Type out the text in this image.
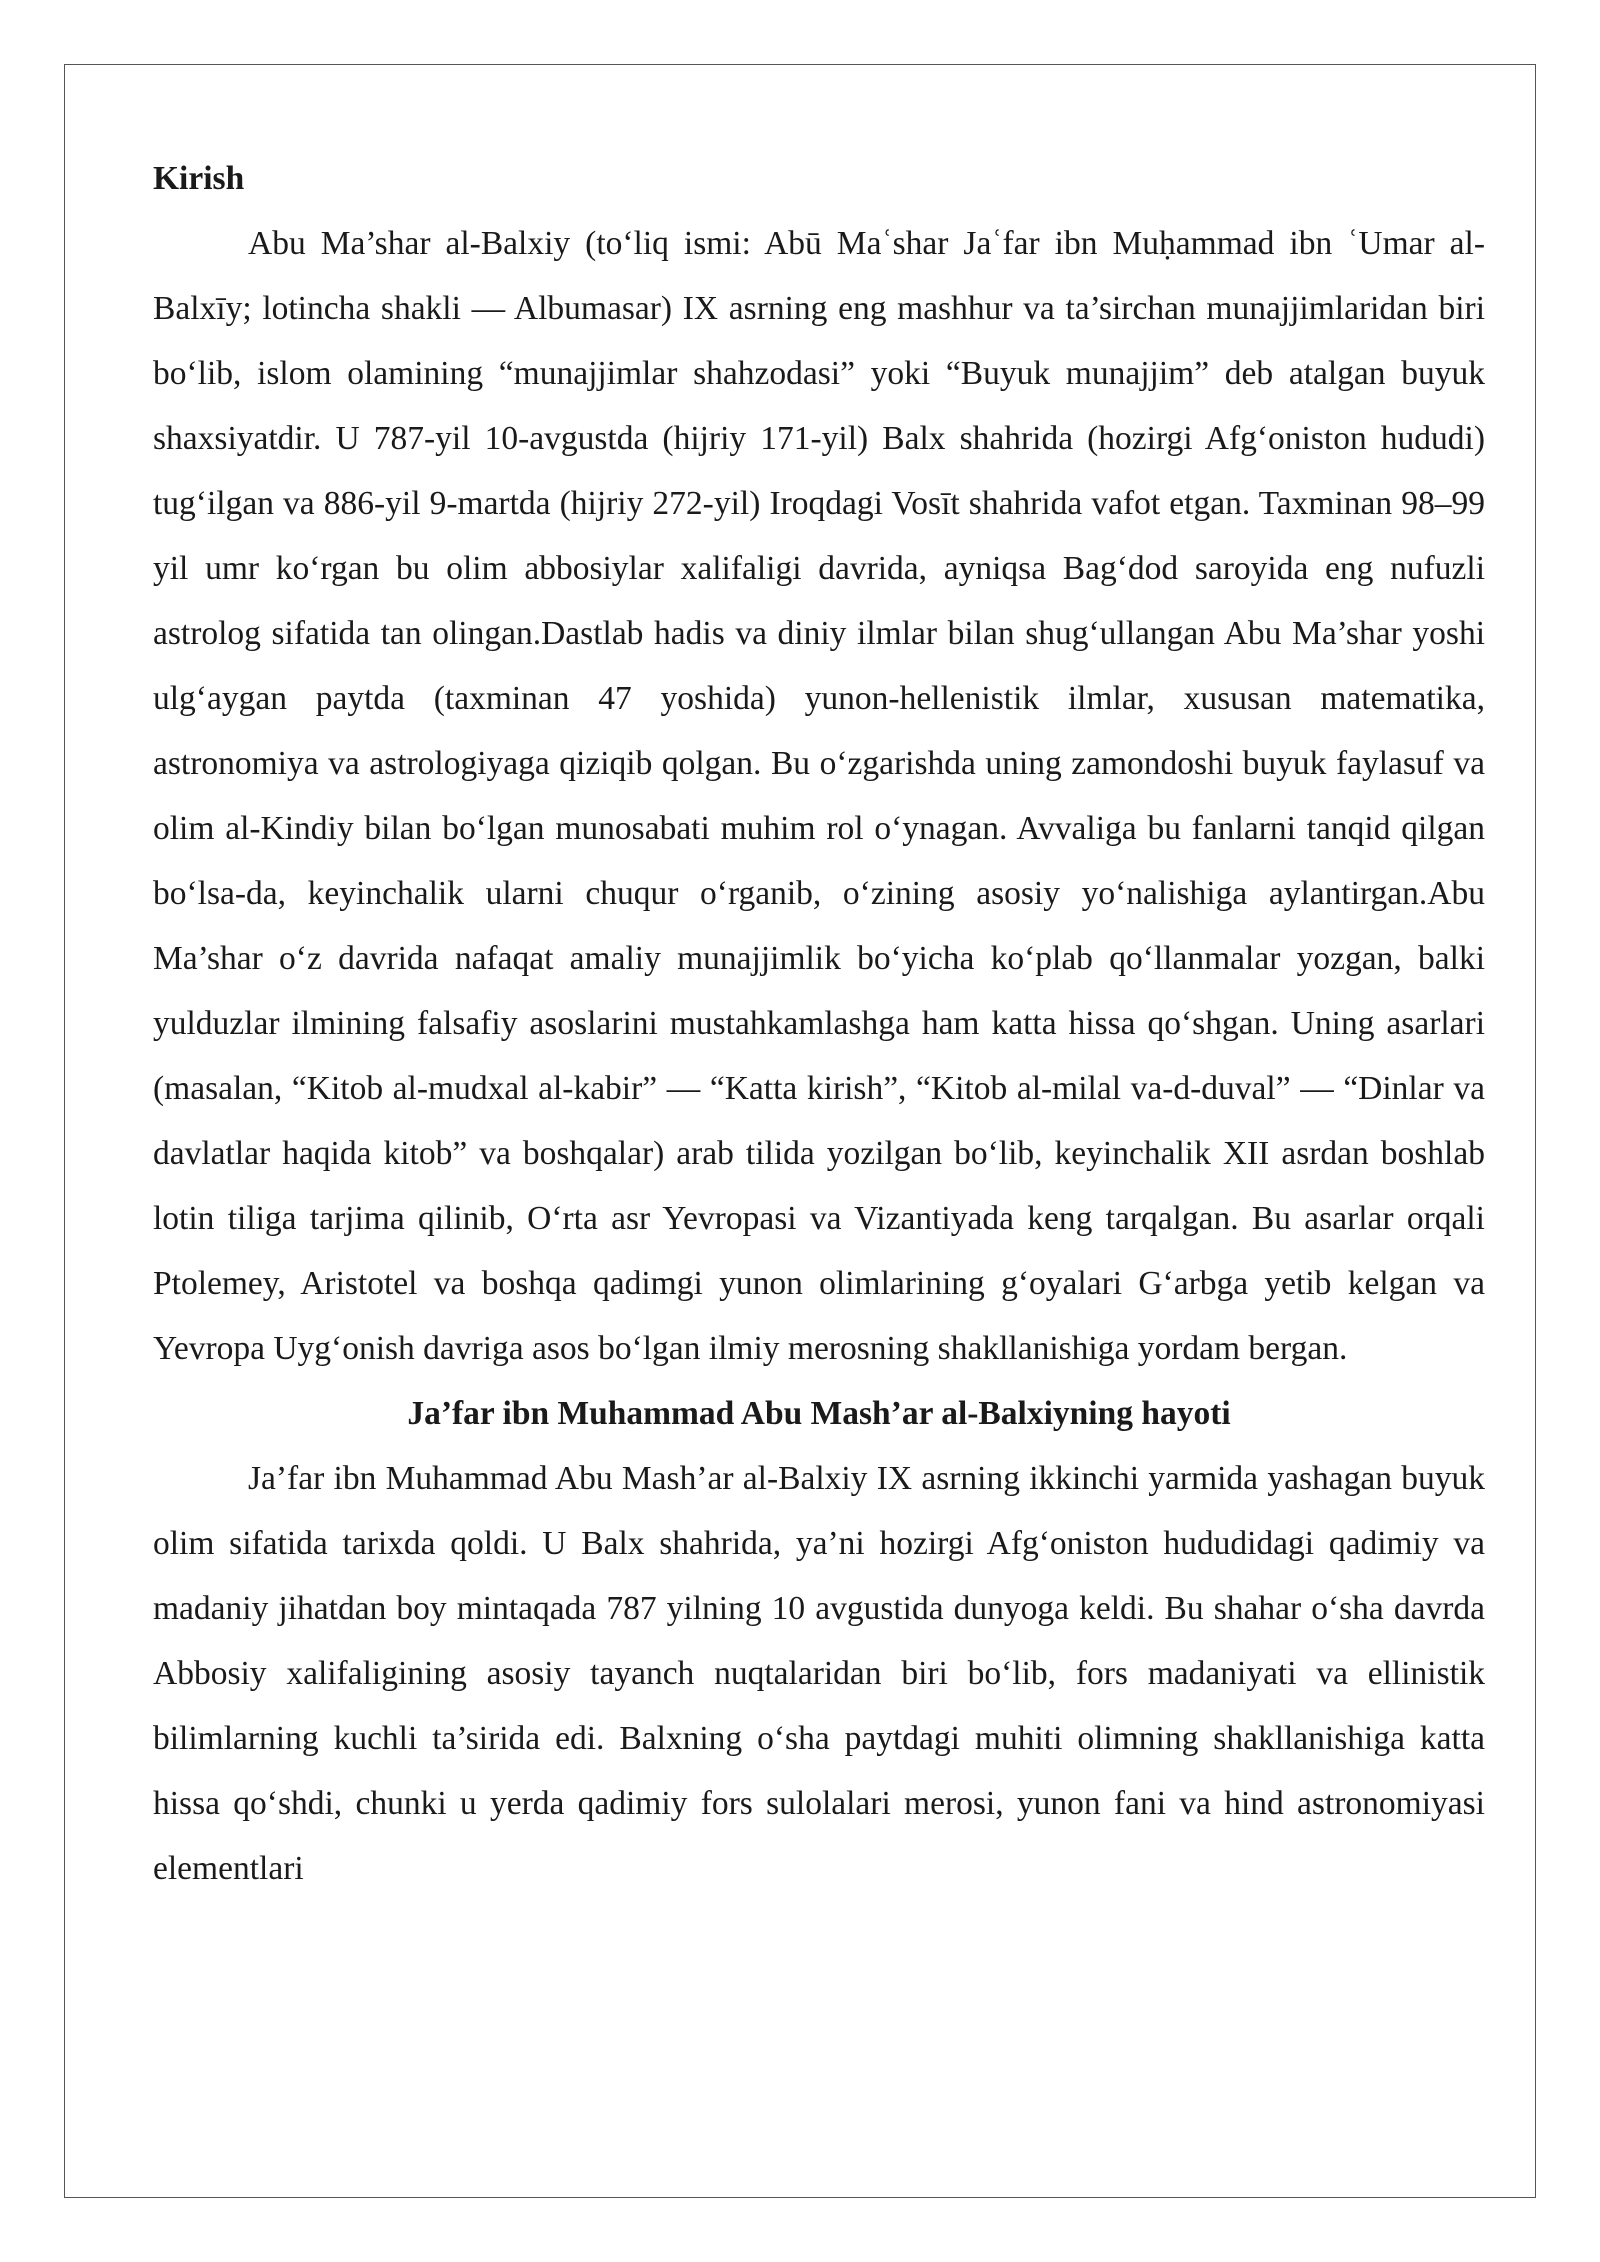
Kirish

Abu Ma’shar al-Balxiy (to‘liq ismi: Abū Maʿshar Jaʿfar ibn Muḥammad ibn ʿUmar al-Balxīy; lotincha shakli — Albumasar) IX asrning eng mashhur va ta’sirchan munajjimlaridan biri bo‘lib, islom olamining “munajjimlar shahzodasi” yoki “Buyuk munajjim” deb atalgan buyuk shaxsiyatdir. U 787-yil 10-avgustda (hijriy 171-yil) Balx shahrida (hozirgi Afg‘oniston hududi) tug‘ilgan va 886-yil 9-martda (hijriy 272-yil) Iroqdagi Vosīt shahrida vafot etgan. Taxminan 98–99 yil umr ko‘rgan bu olim abbosiylar xalifaligi davrida, ayniqsa Bag‘dod saroyida eng nufuzli astrolog sifatida tan olingan.Dastlab hadis va diniy ilmlar bilan shug‘ullangan Abu Ma’shar yoshi ulg‘aygan paytda (taxminan 47 yoshida) yunon-hellenistik ilmlar, xususan matematika, astronomiya va astrologiyaga qiziqib qolgan. Bu o‘zgarishda uning zamondoshi buyuk faylasuf va olim al-Kindiy bilan bo‘lgan munosabati muhim rol o‘ynagan. Avvaliga bu fanlarni tanqid qilgan bo‘lsa-da, keyinchalik ularni chuqur o‘rganib, o‘zining asosiy yo‘nalishiga aylantirgan.Abu Ma’shar o‘z davrida nafaqat amaliy munajjimlik bo‘yicha ko‘plab qo‘llanmalar yozgan, balki yulduzlar ilmining falsafiy asoslarini mustahkamlashga ham katta hissa qo‘shgan. Uning asarlari (masalan, “Kitob al-mudxal al-kabir” — “Katta kirish”, “Kitob al-milal va-d-duval” — “Dinlar va davlatlar haqida kitob” va boshqalar) arab tilida yozilgan bo‘lib, keyinchalik XII asrdan boshlab lotin tiliga tarjima qilinib, O‘rta asr Yevropasi va Vizantiyada keng tarqalgan. Bu asarlar orqali Ptolemey, Aristotel va boshqa qadimgi yunon olimlarining g‘oyalari G‘arbga yetib kelgan va Yevropa Uyg‘onish davriga asos bo‘lgan ilmiy merosning shakllanishiga yordam bergan.

Ja’far ibn Muhammad Abu Mash’ar al-Balxiyning hayoti

Ja’far ibn Muhammad Abu Mash’ar al-Balxiy IX asrning ikkinchi yarmida yashagan buyuk olim sifatida tarixda qoldi. U Balx shahrida, ya’ni hozirgi Afg‘oniston hududidagi qadimiy va madaniy jihatdan boy mintaqada 787 yilning 10 avgustida dunyoga keldi. Bu shahar o‘sha davrda Abbosiy xalifaligining asosiy tayanch nuqtalaridan biri bo‘lib, fors madaniyati va ellinistik bilimlarning kuchli ta’sirida edi. Balxning o‘sha paytdagi muhiti olimning shakllanishiga katta hissa qo‘shdi, chunki u yerda qadimiy fors sulolalari merosi, yunon fani va hind astronomiyasi elementlari
